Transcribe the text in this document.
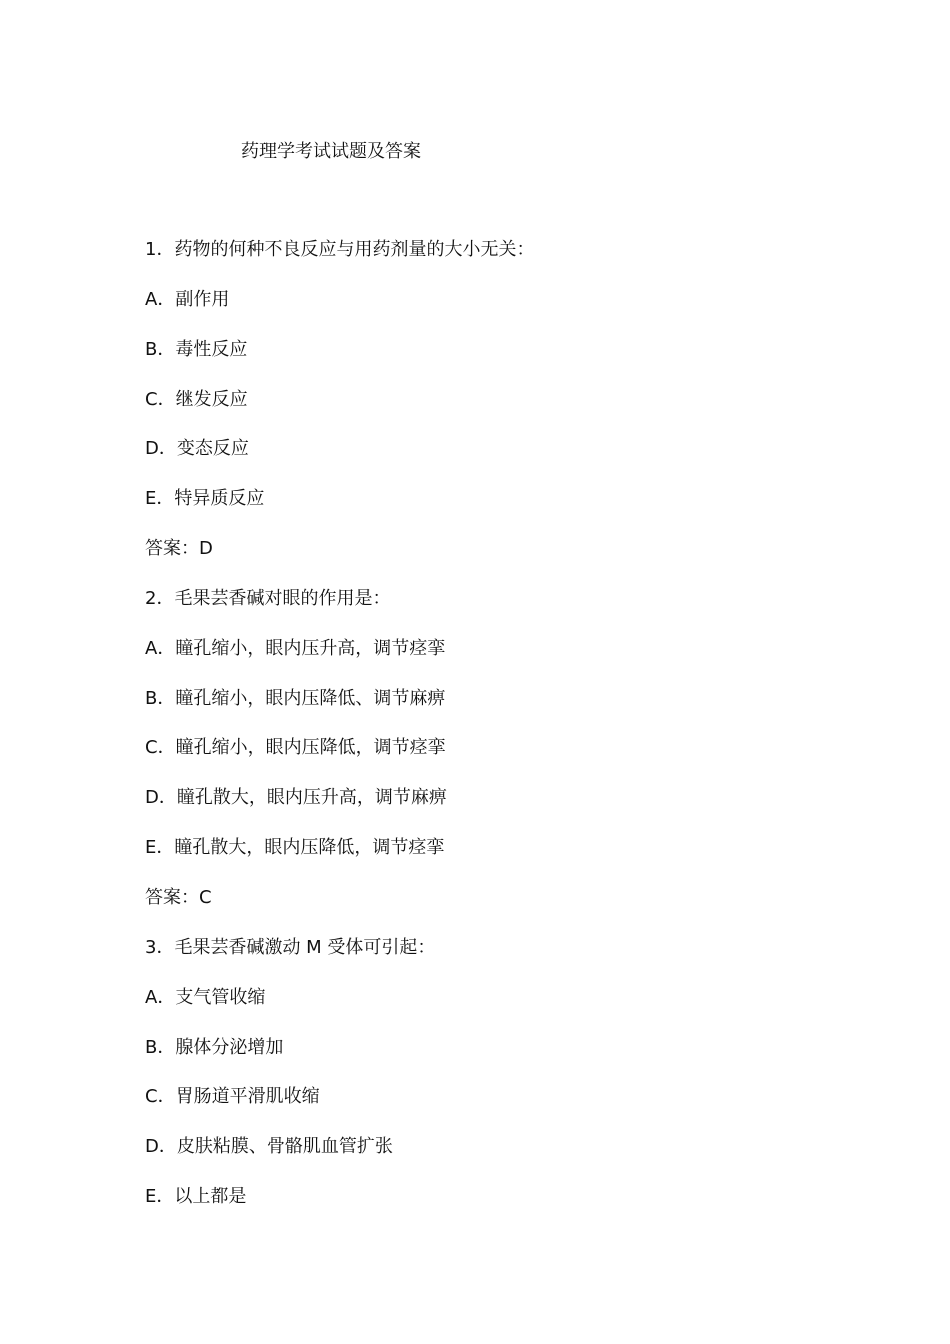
药理学考试试题及答案
1．药物的何种不良反应与用药剂量的大小无关：
A．副作用
B．毒性反应
C．继发反应
D．变态反应
E．特异质反应
答案：D
2．毛果芸香碱对眼的作用是：
A．瞳孔缩小，眼内压升高，调节痉挛
B．瞳孔缩小，眼内压降低、调节麻痹
C．瞳孔缩小，眼内压降低，调节痉挛
D．瞳孔散大，眼内压升高，调节麻痹
E．瞳孔散大，眼内压降低，调节痉挛
答案：C
3．毛果芸香碱激动 M 受体可引起：
A．支气管收缩
B．腺体分泌增加
C．胃肠道平滑肌收缩
D．皮肤粘膜、骨骼肌血管扩张
E．以上都是
